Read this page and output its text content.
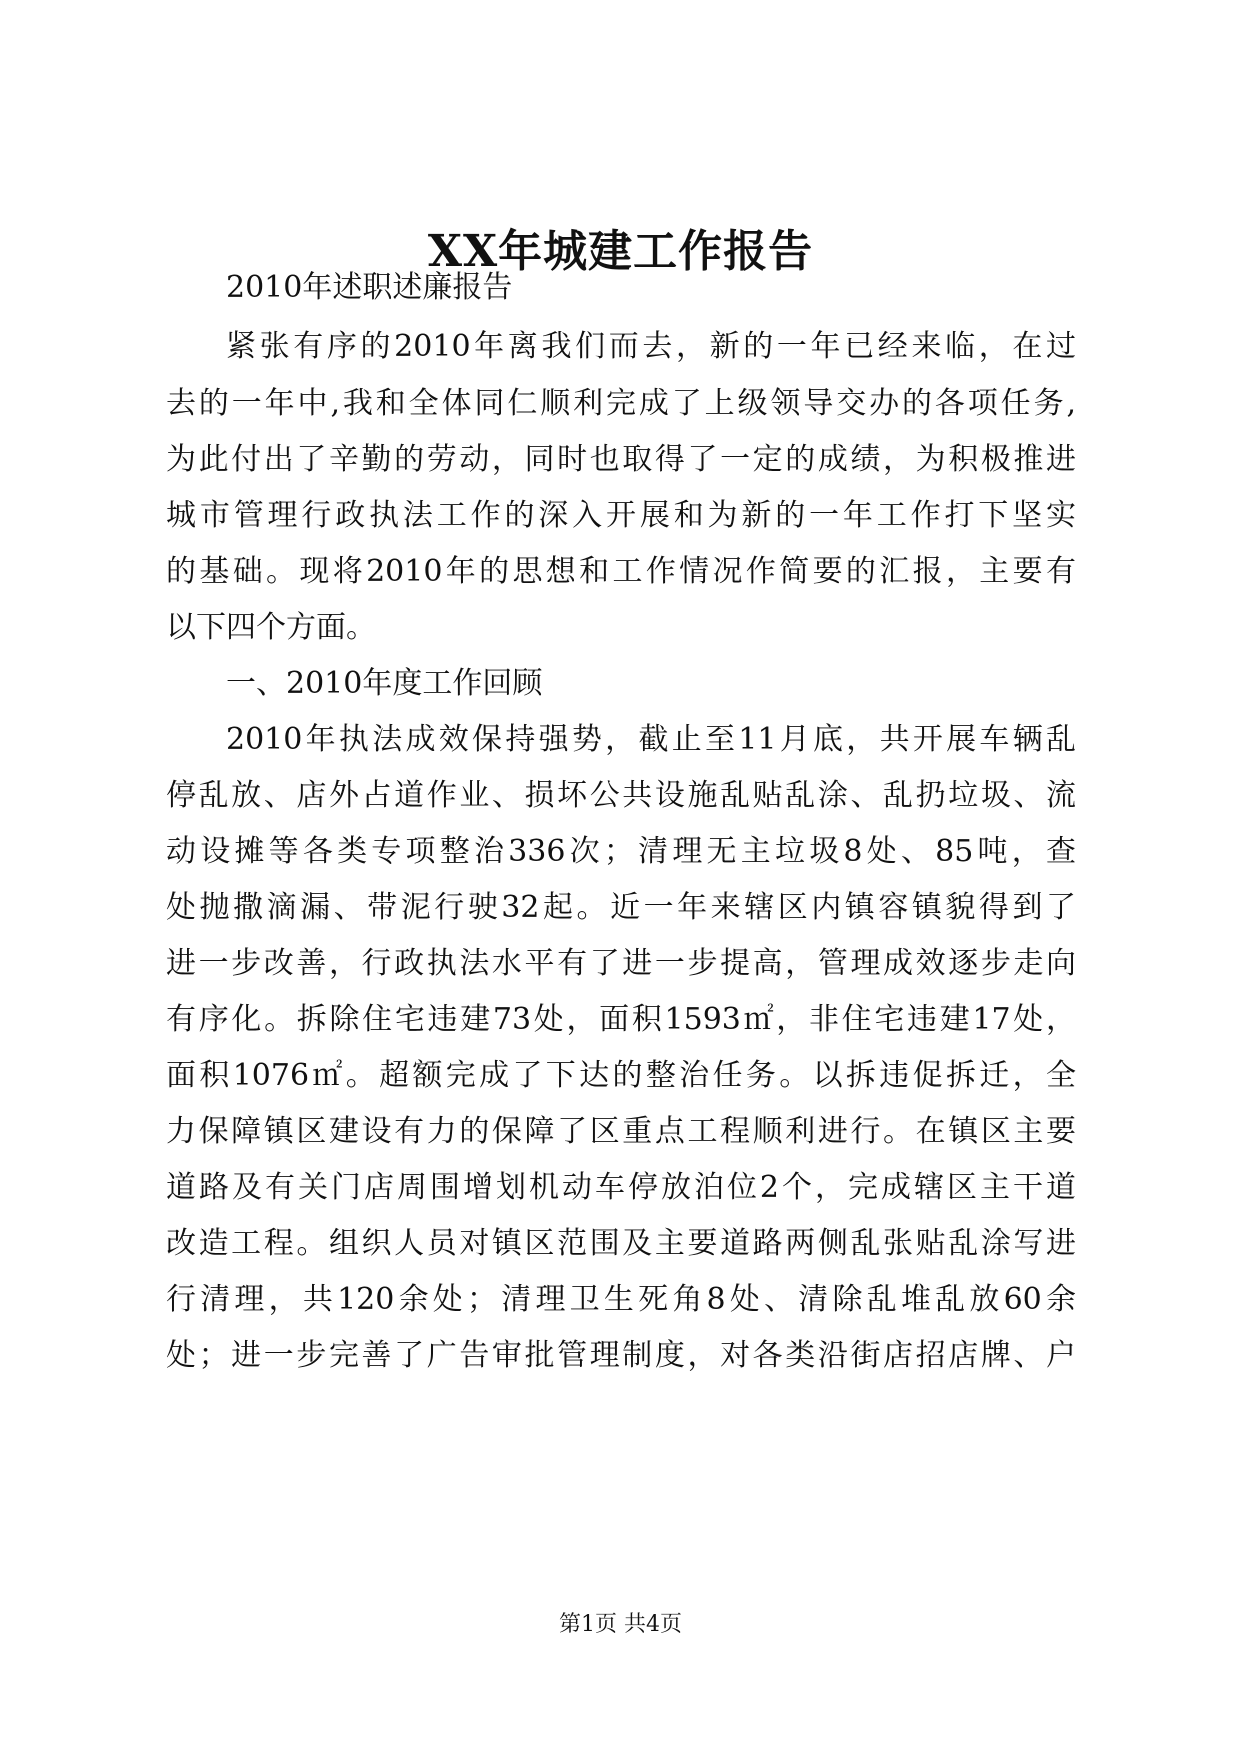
XX年城建工作报告
2010年述职述廉报告
紧张有序的2010年离我们而去，新的一年已经来临，在过
去的一年中,我和全体同仁顺利完成了上级领导交办的各项任务,
为此付出了辛勤的劳动，同时也取得了一定的成绩，为积极推进
城市管理行政执法工作的深入开展和为新的一年工作打下坚实
的基础。现将2010年的思想和工作情况作简要的汇报，主要有
以下四个方面。
一、2010年度工作回顾
2010年执法成效保持强势，截止至11月底，共开展车辆乱
停乱放、店外占道作业、损坏公共设施乱贴乱涂、乱扔垃圾、流
动设摊等各类专项整治336次；清理无主垃圾8处、85吨，查
处抛撒滴漏、带泥行驶32起。近一年来辖区内镇容镇貌得到了
进一步改善，行政执法水平有了进一步提高，管理成效逐步走向
有序化。拆除住宅违建73处，面积1593㎡，非住宅违建17处，
面积1076㎡。超额完成了下达的整治任务。以拆违促拆迁，全
力保障镇区建设有力的保障了区重点工程顺利进行。在镇区主要
道路及有关门店周围增划机动车停放泊位2个，完成辖区主干道
改造工程。组织人员对镇区范围及主要道路两侧乱张贴乱涂写进
行清理，共120余处；清理卫生死角8处、清除乱堆乱放60余
处；进一步完善了广告审批管理制度，对各类沿街店招店牌、户
第1页 共4页
